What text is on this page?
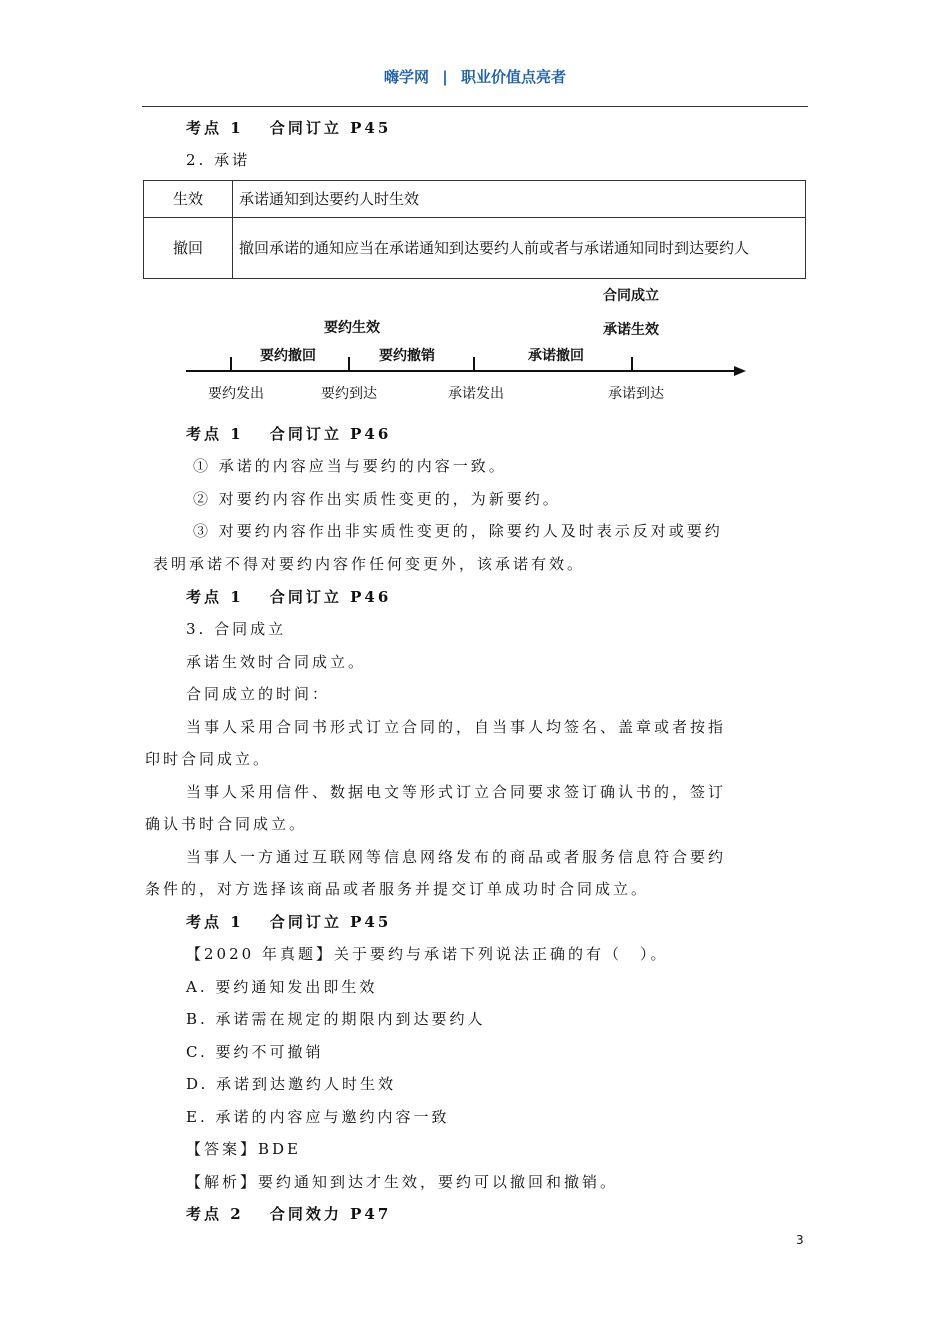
嗨学网 | 职业价值点亮者
考点 1　 合同订立 P45
2. 承诺
生效	承诺通知到达要约人时生效
撤回	撤回承诺的通知应当在承诺通知到达要约人前或者与承诺通知同时到达要约人
要约撤回	要约撤销	承诺撤回
要约生效
合同成立
承诺生效
要约发出	要约到达	承诺发出	承诺到达
考点 1　 合同订立 P46
① 承诺的内容应当与要约的内容一致。
② 对要约内容作出实质性变更的，为新要约。
③ 对要约内容作出非实质性变更的，除要约人及时表示反对或要约
表明承诺不得对要约内容作任何变更外，该承诺有效。
考点 1　 合同订立 P46
3. 合同成立
承诺生效时合同成立。
合同成立的时间：
当事人采用合同书形式订立合同的，自当事人均签名、盖章或者按指
印时合同成立。
当事人采用信件、数据电文等形式订立合同要求签订确认书的，签订
确认书时合同成立。
当事人一方通过互联网等信息网络发布的商品或者服务信息符合要约
条件的，对方选择该商品或者服务并提交订单成功时合同成立。
考点 1　 合同订立 P45
【2020 年真题】关于要约与承诺下列说法正确的有（　）。
A. 要约通知发出即生效
B. 承诺需在规定的期限内到达要约人
C. 要约不可撤销
D. 承诺到达邀约人时生效
E. 承诺的内容应与邀约内容一致
【答案】BDE
【解析】要约通知到达才生效，要约可以撤回和撤销。
考点 2　 合同效力 P47
3
